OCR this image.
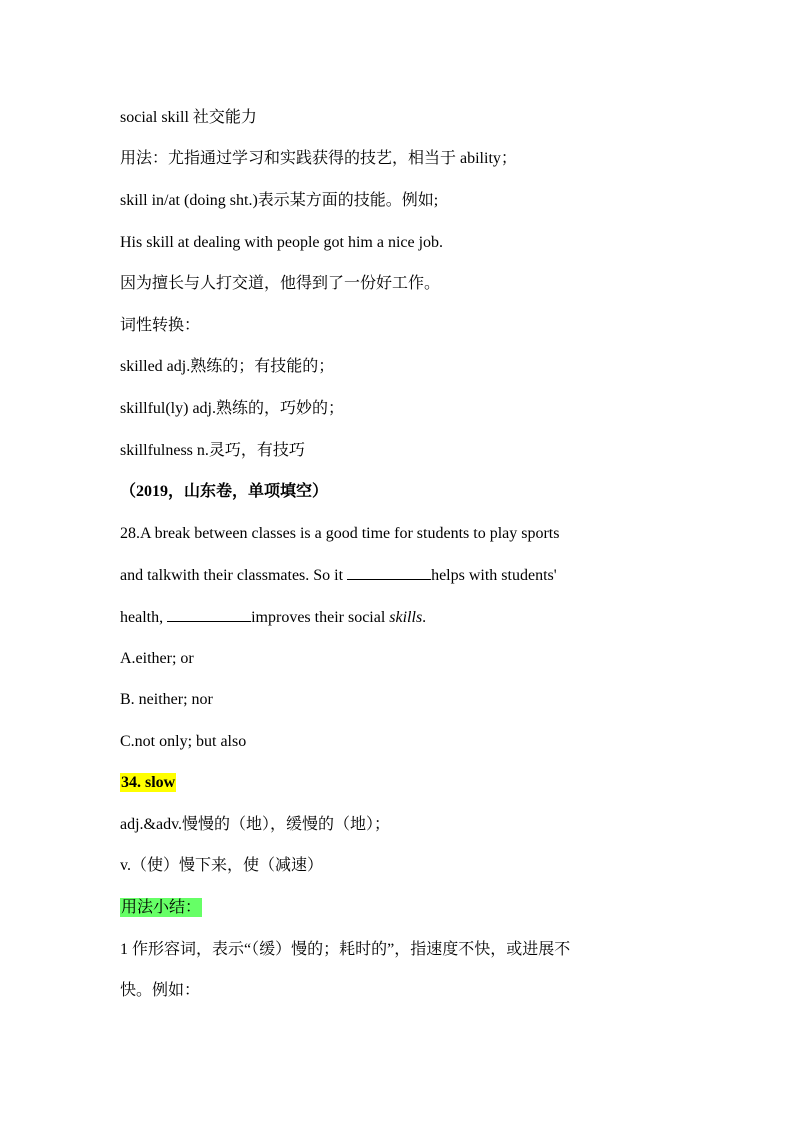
social skill 社交能力
用法：尤指通过学习和实践获得的技艺，相当于 ability；
skill in/at (doing sht.)表示某方面的技能。例如;
His skill at dealing with people got him a nice job.
因为擅长与人打交道，他得到了一份好工作。
词性转换：
skilled adj.熟练的；有技能的；
skillful(ly) adj.熟练的，巧妙的；
skillfulness n.灵巧，有技巧
（2019，山东卷，单项填空）
28.A break between classes is a good time for students to play sports
and talkwith their classmates. So it	helps with students'
health,	improves their social skills.
A.either; or
B. neither; nor
C.not only; but also
34. slow
adj.&adv.慢慢的（地），缓慢的（地）；
v.（使）慢下来，使（减速）
用法小结：
1 作形容词，表示“（缓）慢的；耗时的”，指速度不快，或进展不
快。例如：
